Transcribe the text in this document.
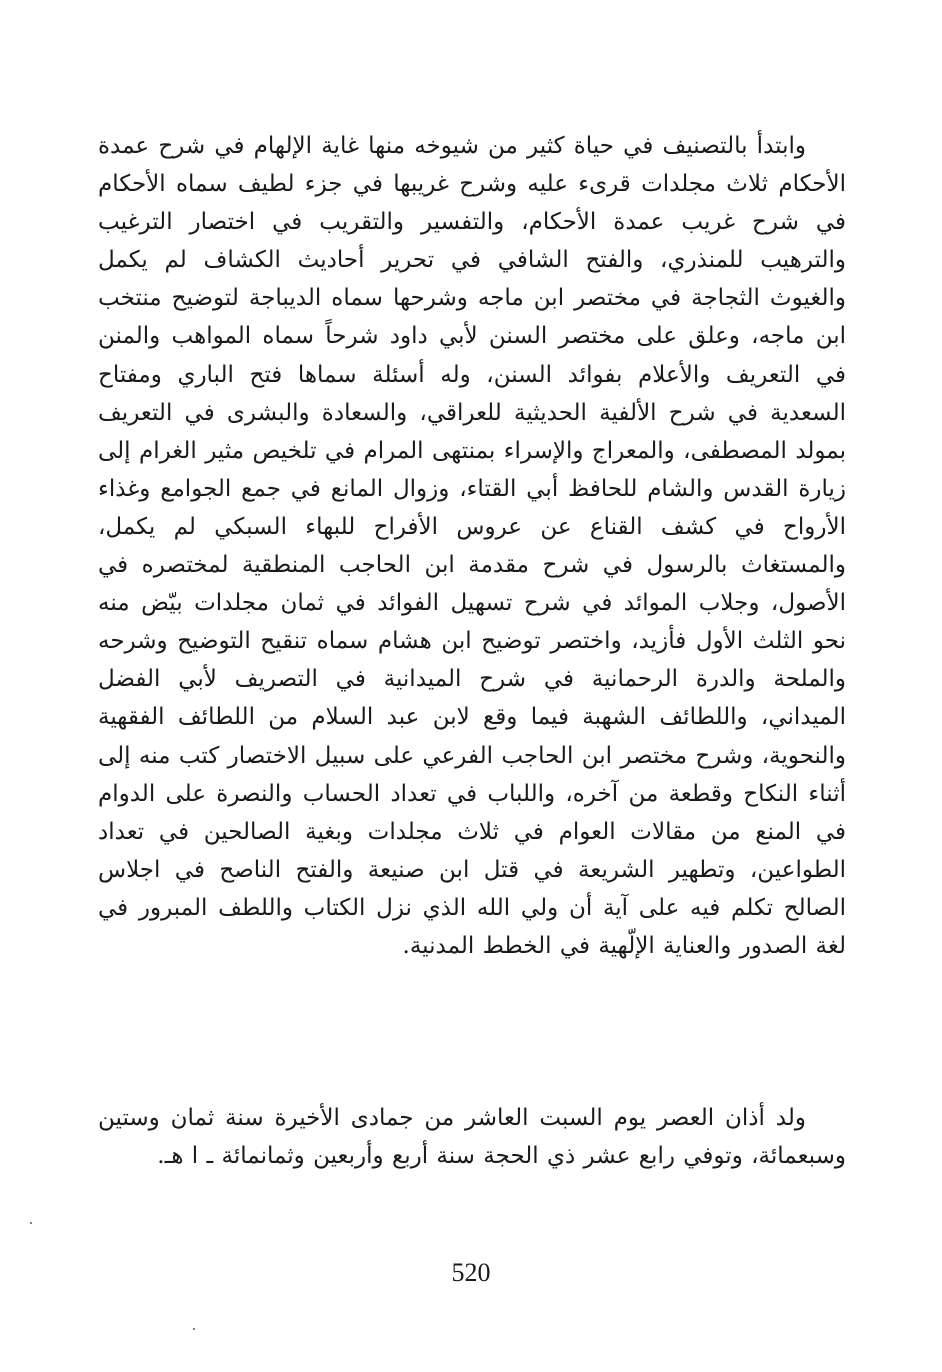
وابتدأ بالتصنيف في حياة كثير من شيوخه منها غاية الإلهام في شرح عمدة الأحكام ثلاث مجلدات قرىء عليه وشرح غريبها في جزء لطيف سماه الأحكام في شرح غريب عمدة الأحكام، والتفسير والتقريب في اختصار الترغيب والترهيب للمنذري، والفتح الشافي في تحرير أحاديث الكشاف لم يكمل والغيوث الثجاجة في مختصر ابن ماجه وشرحها سماه الديباجة لتوضيح منتخب ابن ماجه، وعلق على مختصر السنن لأبي داود شرحاً سماه المواهب والمنن في التعريف والأعلام بفوائد السنن، وله أسئلة سماها فتح الباري ومفتاح السعدية في شرح الألفية الحديثية للعراقي، والسعادة والبشرى في التعريف بمولد المصطفى، والمعراج والإسراء بمنتهى المرام في تلخيص مثير الغرام إلى زيارة القدس والشام للحافظ أبي القتاء، وزوال المانع في جمع الجوامع وغذاء الأرواح في كشف القناع عن عروس الأفراح للبهاء السبكي لم يكمل، والمستغاث بالرسول في شرح مقدمة ابن الحاجب المنطقية لمختصره في الأصول، وجلاب الموائد في شرح تسهيل الفوائد في ثمان مجلدات بيّض منه نحو الثلث الأول فأزيد، واختصر توضيح ابن هشام سماه تنقيح التوضيح وشرحه والملحة والدرة الرحمانية في شرح الميدانية في التصريف لأبي الفضل الميداني، واللطائف الشهبة فيما وقع لابن عبد السلام من اللطائف الفقهية والنحوية، وشرح مختصر ابن الحاجب الفرعي على سبيل الاختصار كتب منه إلى أثناء النكاح وقطعة من آخره، واللباب في تعداد الحساب والنصرة على الدوام في المنع من مقالات العوام في ثلاث مجلدات وبغية الصالحين في تعداد الطواعين، وتطهير الشريعة في قتل ابن صنيعة والفتح الناصح في اجلاس الصالح تكلم فيه على آية أن ولي الله الذي نزل الكتاب واللطف المبرور في لغة الصدور والعناية الإلّهية في الخطط المدنية.

ولد أذان العصر يوم السبت العاشر من جمادى الأخيرة سنة ثمان وستين وسبعمائة، وتوفي رابع عشر ذي الحجة سنة أربع وأربعين وثمانمائة ـ ا هـ.

520
